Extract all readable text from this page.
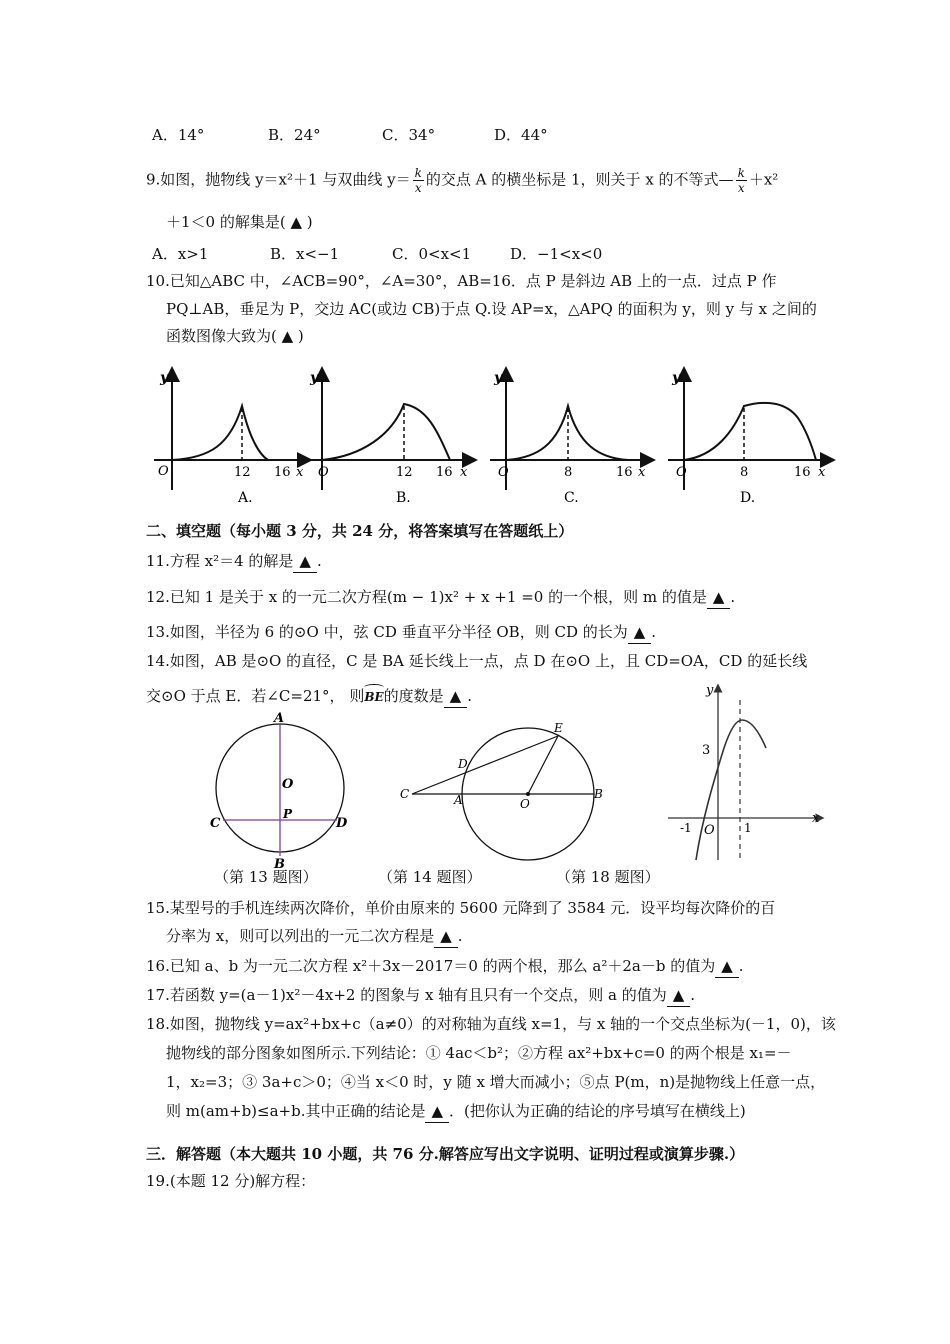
A．14°	B．24°	C．34°	D．44°
9.如图，抛物线 y＝x²＋1 与双曲线 $y= \frac{k}{x}$ 的交点 A 的横坐标是 1，则关于 x 的不等式— $\frac{k}{x} +x^2$
＋1＜0 的解集是( ▲ )
A．x>1	B．x<−1	C．0<x<1	D．−1<x<0
10.已知△ABC 中，∠ACB=90°，∠A=30°，AB=16．点 P 是斜边 AB 上的一点．过点 P 作
PQ⊥AB，垂足为 P，交边 AC(或边 CB)于点 Q.设 AP=x，△APQ 的面积为 y，则 y 与 x 之间的
函数图像大致为( ▲ )
y
O	12 16 x
A.
y
O	12 16 x
B.
y
O	8	16 x
C.
y
O	8	16 x
D.
二、填空题（每小题 3 分，共 24 分，将答案填写在答题纸上）
11.方程 x²＝4 的解是 ▲ .
12.已知 1 是关于 x 的一元二次方程(m − 1)x² + x +1 =0 的一个根，则 m 的值是 ▲ .
13.如图，半径为 6 的⊙O 中，弦 CD 垂直平分半径 OB，则 CD 的长为 ▲ .
14.如图，AB 是⊙O 的直径，C 是 BA 延长线上一点，点 D 在⊙O 上，且 CD=OA，CD 的延长线
交⊙O 于点 E．若∠C=21°， 则
BE的度数是 ▲ .
A
O
P
C	D
B
（第 13 题图）
E
D
C	A	O
B
（第 14 题图）
y
x
3
-1 O 1
（第 18 题图）
15.某型号的手机连续两次降价，单价由原来的 5600 元降到了 3584 元．设平均每次降价的百
分率为 x，则可以列出的一元二次方程是 ▲ .
16.已知 a、b 为一元二次方程 x²＋3x－2017＝0 的两个根，那么 a²＋2a－b 的值为 ▲ .
17.若函数 y=(a－1)x²－4x+2 的图象与 x 轴有且只有一个交点，则 a 的值为 ▲ .
18.如图，抛物线 y=ax²+bx+c（a≠0）的对称轴为直线 x=1，与 x 轴的一个交点坐标为(－1，0)，该
抛物线的部分图象如图所示.下列结论：① 4ac＜b²；②方程 ax²+bx+c=0 的两个根是 x₁=－
1，x₂=3；③ 3a+c＞0；④当 x＜0 时，y 随 x 增大而减小；⑤点 P(m，n)是抛物线上任意一点，
则 m(am+b)≤a+b.其中正确的结论是 ▲ ．(把你认为正确的结论的序号填写在横线上)
三．解答题（本大题共 10 小题，共 76 分.解答应写出文字说明、证明过程或演算步骤.）
19.(本题 12 分)解方程：
